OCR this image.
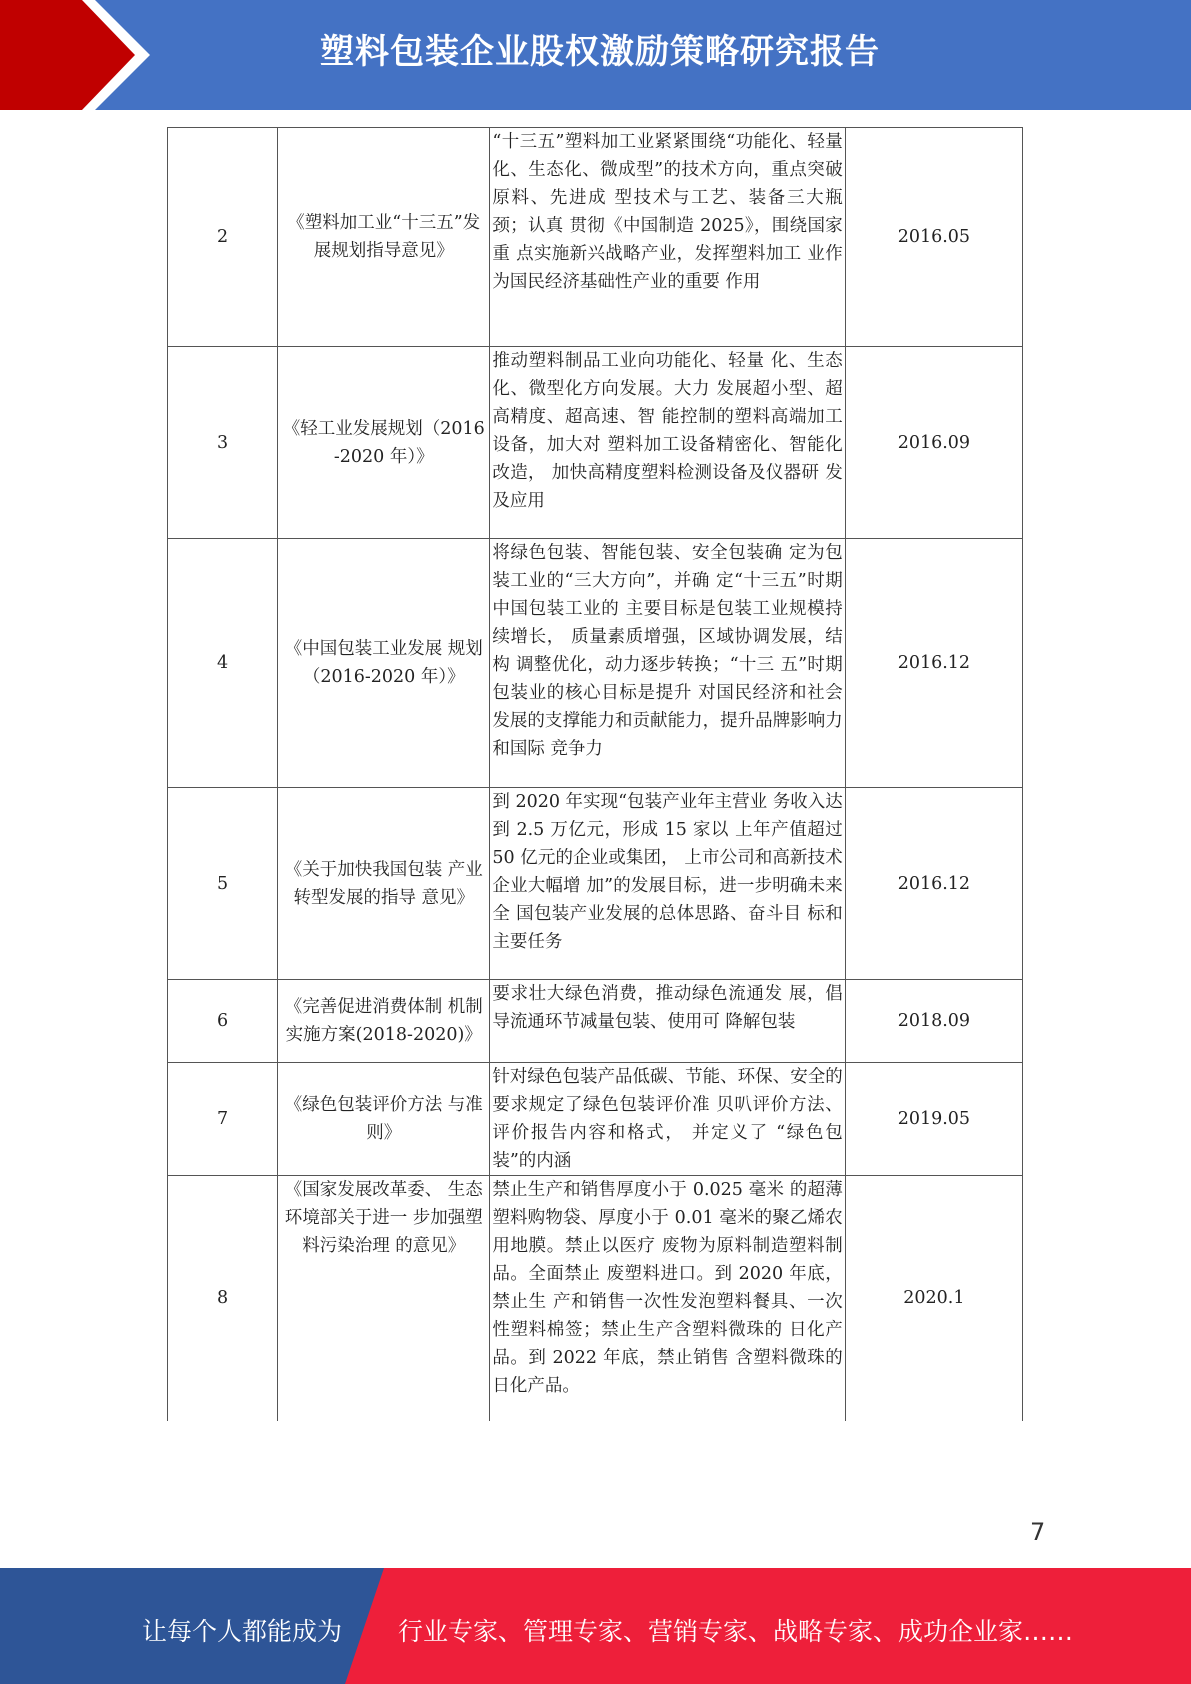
塑料包装企业股权激励策略研究报告
2	《塑料加工业“十三五”发展规划指导意见》	“十三五”塑料加工业紧紧围绕“功能化、轻量化、生态化、微成型”的技术方向，重点突破原料、先进成 型技术与工艺、装备三大瓶颈；认真 贯彻《中国制造 2025》，围绕国家重 点实施新兴战略产业，发挥塑料加工 业作为国民经济基础性产业的重要 作用	2016.05
3	《轻工业发展规划（2016-2020 年）》	推动塑料制品工业向功能化、轻量 化、生态化、微型化方向发展。大力 发展超小型、超高精度、超高速、智 能控制的塑料高端加工设备，加大对 塑料加工设备精密化、智能化改造， 加快高精度塑料检测设备及仪器研 发及应用	2016.09
4	《中国包装工业发展 规划（2016-2020 年）》	将绿色包装、智能包装、安全包装确 定为包装工业的“三大方向”，并确 定“十三五”时期中国包装工业的 主要目标是包装工业规模持续增长， 质量素质增强，区域协调发展，结构 调整优化，动力逐步转换；“十三 五”时期包装业的核心目标是提升 对国民经济和社会发展的支撑能力和贡献能力，提升品牌影响力和国际 竞争力	2016.12
5	《关于加快我国包装 产业转型发展的指导 意见》	到 2020 年实现“包装产业年主营业 务收入达到 2.5 万亿元，形成 15 家以 上年产值超过 50 亿元的企业或集团， 上市公司和高新技术企业大幅增 加”的发展目标，进一步明确未来全 国包装产业发展的总体思路、奋斗目 标和主要任务	2016.12
6	《完善促进消费体制 机制实施方案(2018-2020)》	要求壮大绿色消费，推动绿色流通发 展，倡导流通环节减量包装、使用可 降解包装	2018.09
7	《绿色包装评价方法 与准则》	针对绿色包装产品低碳、节能、环保、安全的要求规定了绿色包装评价准 贝叭评价方法、评价报告内容和格式， 并定义了 “绿色包装”的内涵	2019.05
8	《国家发展改革委、 生态环境部关于进一 步加强塑料污染治理 的意见》	禁止生产和销售厚度小于 0.025 毫米 的超薄塑料购物袋、厚度小于 0.01 毫米的聚乙烯农用地膜。禁止以医疗 废物为原料制造塑料制品。全面禁止 废塑料进口。到 2020 年底，禁止生 产和销售一次性发泡塑料餐具、一次 性塑料棉签；禁止生产含塑料微珠的 日化产品。到 2022 年底，禁止销售 含塑料微珠的日化产品。	2020.1
7
让每个人都能成为 行业专家、管理专家、营销专家、战略专家、成功企业家……
